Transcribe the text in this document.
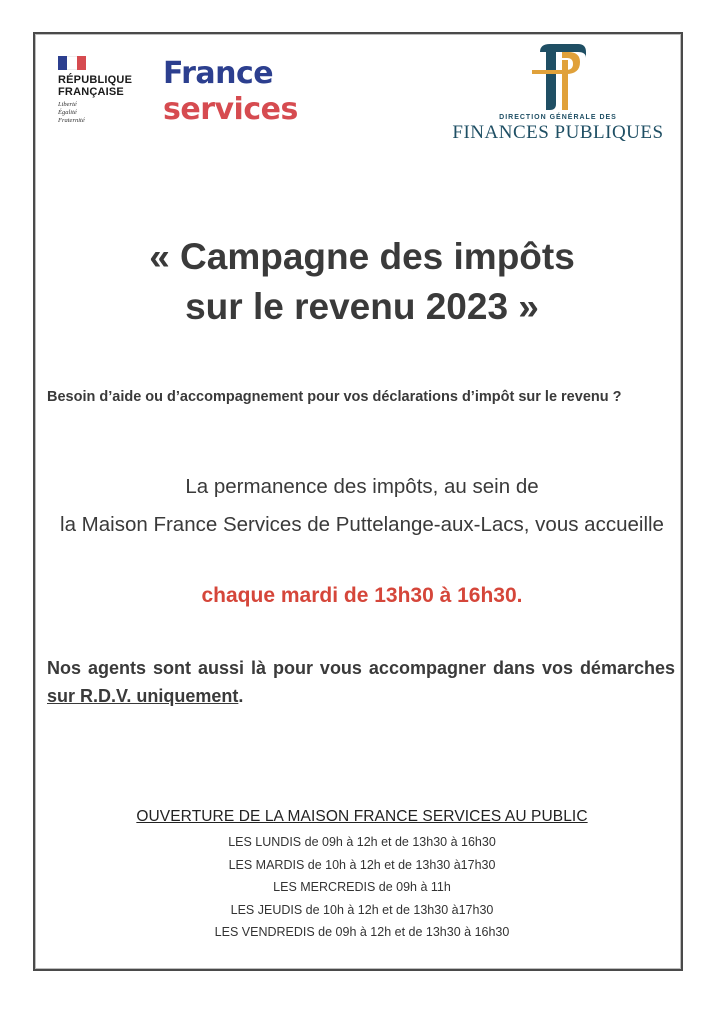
RÉPUBLIQUE
FRANÇAISE
Liberté
Égalité
Fraternité
France
services	DIRECTION GÉNÉRALE DES
FINANCES PUBLIQUES
« Campagne des impôts
sur le revenu 2023 »
Besoin d’aide ou d’accompagnement pour vos déclarations d’impôt sur le revenu ?
La permanence des impôts, au sein de
la Maison France Services de Puttelange-aux-Lacs, vous accueille
chaque mardi de 13h30 à 16h30.
Nos agents sont aussi là pour vous accompagner dans vos démarches sur R.D.V. uniquement.
OUVERTURE DE LA MAISON FRANCE SERVICES AU PUBLIC
LES LUNDIS de 09h à 12h et de 13h30 à 16h30
LES MARDIS de 10h à 12h et de 13h30 à17h30
LES MERCREDIS de 09h à 11h
LES JEUDIS de 10h à 12h et de 13h30 à17h30
LES VENDREDIS de 09h à 12h et de 13h30 à 16h30
